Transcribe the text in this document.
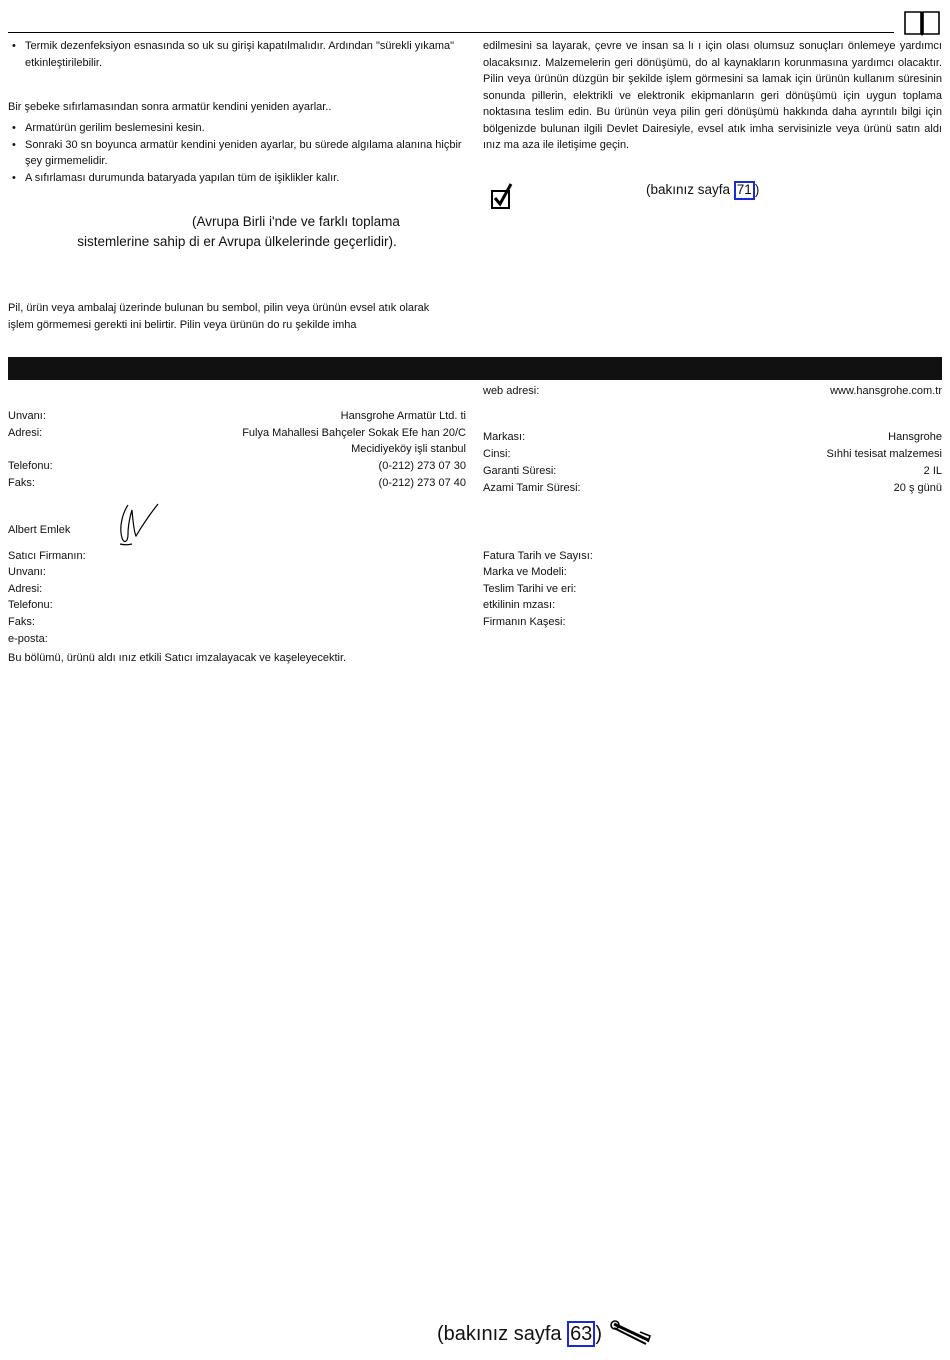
• Termik dezenfeksiyon esnasında so uk su girişi kapatılmalıdır. Ardından "sürekli yıkama" etkinleştirilebilir.
Bir şebeke sıfırlamasından sonra armatür kendini yeniden ayarlar..
• Armatürün gerilim beslemesini kesin.
• Sonraki 30 sn boyunca armatür kendini yeniden ayarlar, bu sürede algılama alanına hiçbir şey girmemelidir.
• A sıfırlaması durumunda bataryada yapılan tüm de işiklikler kalır.
(Avrupa Birli i'nde ve farklı toplama
sistemlerine sahip di er Avrupa ülkelerinde geçerlidir).
Pil, ürün veya ambalaj üzerinde bulunan bu sembol, pilin veya ürünün evsel atık olarak işlem görmemesi gerekti ini belirtir. Pilin veya ürünün do ru şekilde imha
edilmesini sa layarak, çevre ve insan sa lı ı için olası olumsuz sonuçları önlemeye yardımcı olacaksınız. Malzemelerin geri dönüşümü, do al kaynakların korunmasına yardımcı olacaktır. Pilin veya ürünün düzgün bir şekilde işlem görmesini sa lamak için ürünün kullanım süresinin sonunda pillerin, elektrikli ve elektronik ekipmanların geri dönüşümü için uygun toplama noktasına teslim edin. Bu ürünün veya pilin geri dönüşümü hakkında daha ayrıntılı bilgi için bölgenizde bulunan ilgili Devlet Dairesiyle, evsel atık imha servisinizle veya ürünü satın aldı ınız ma aza ile iletişime geçin.
(bakınız sayfa 71 )
Unvanı:	Hansgrohe Armatür Ltd. ti
Adresi:	Fulya Mahallesi Bahçeler Sokak Efe han 20/C
Mecidiyeköy işli stanbul
Telefonu:	(0-212) 273 07 30
Faks:	(0-212) 273 07 40
Albert Emlek
web adresi:	www.hansgrohe.com.tr
Markası:	Hansgrohe
Cinsi:	Sıhhi tesisat malzemesi
Garanti Süresi:	2 IL
Azami Tamir Süresi:	20 ş günü
Satıcı Firmanın:
Unvanı:
Adresi:
Telefonu:
Faks:
e-posta:
Bu bölümü, ürünü aldı ınız etkili Satıcı imzalayacak ve kaşeleyecektir.
Fatura Tarih ve Sayısı:
Marka ve Modeli:
Teslim Tarihi ve eri:
etkilinin mzası:
Firmanın Kaşesi:
(bakınız sayfa 63 )
